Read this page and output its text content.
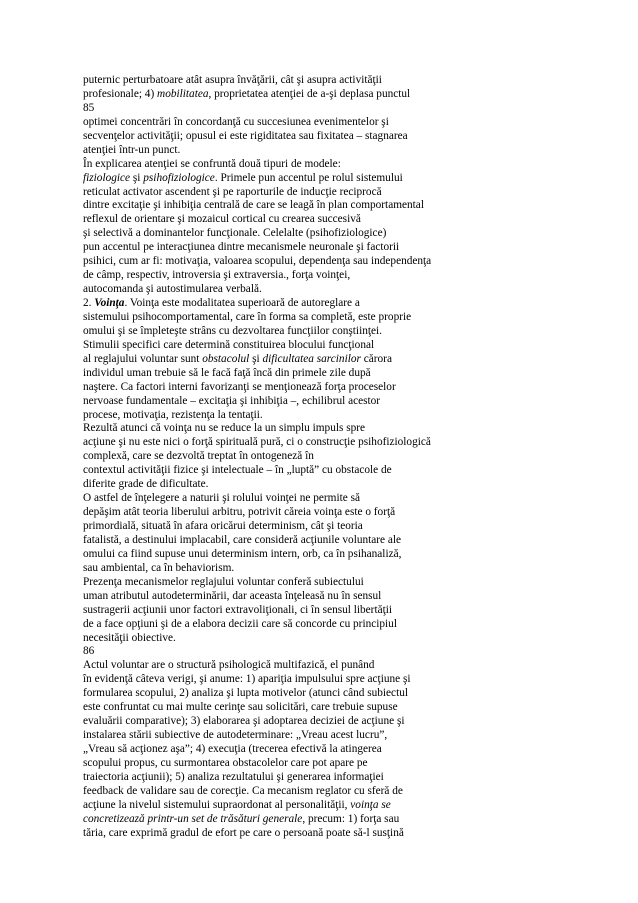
puternic perturbatoare atât asupra învăţării, cât şi asupra activităţii
profesionale; 4) mobilitatea, proprietatea atenţiei de a-şi deplasa punctul
85
optimei concentrări în concordanţă cu succesiunea evenimentelor şi
secvenţelor activităţii; opusul ei este rigiditatea sau fixitatea – stagnarea
atenţiei într-un punct.
În explicarea atenţiei se confruntă două tipuri de modele:
fiziologice şi psihofiziologice. Primele pun accentul pe rolul sistemului
reticulat activator ascendent şi pe raporturile de inducţie reciprocă
dintre excitaţie şi inhibiţia centrală de care se leagă în plan comportamental
reflexul de orientare şi mozaicul cortical cu crearea succesivă
şi selectivă a dominantelor funcţionale. Celelalte (psihofiziologice)
pun accentul pe interacţiunea dintre mecanismele neuronale şi factorii
psihici, cum ar fi: motivaţia, valoarea scopului, dependenţa sau independenţa
de câmp, respectiv, introversia şi extraversia., forţa voinţei,
autocomanda şi autostimularea verbală.
2. Voinţa. Voinţa este modalitatea superioară de autoreglare a
sistemului psihocomportamental, care în forma sa completă, este proprie
omului şi se împleteşte strâns cu dezvoltarea funcţiilor conştiinţei.
Stimulii specifici care determină constituirea blocului funcţional
al reglajului voluntar sunt obstacolul şi dificultatea sarcinilor cărora
individul uman trebuie să le facă faţă încă din primele zile după
naştere. Ca factori interni favorizanţi se menţionează forţa proceselor
nervoase fundamentale – excitaţia şi inhibiţia –, echilibrul acestor
procese, motivaţia, rezistenţa la tentaţii.
Rezultă atunci că voinţa nu se reduce la un simplu impuls spre
acţiune şi nu este nici o forţă spirituală pură, ci o construcţie psihofiziologică
complexă, care se dezvoltă treptat în ontogeneză în
contextul activităţii fizice şi intelectuale – în „luptă” cu obstacole de
diferite grade de dificultate.
O astfel de înţelegere a naturii şi rolului voinţei ne permite să
depăşim atât teoria liberului arbitru, potrivit căreia voinţa este o forţă
primordială, situată în afara oricărui determinism, cât şi teoria
fatalistă, a destinului implacabil, care consideră acţiunile voluntare ale
omului ca fiind supuse unui determinism intern, orb, ca în psihanaliză,
sau ambiental, ca în behaviorism.
Prezenţa mecanismelor reglajului voluntar conferă subiectului
uman atributul autodeterminării, dar aceasta înţeleasă nu în sensul
sustragerii acţiunii unor factori extravoliţionali, ci în sensul libertăţii
de a face opţiuni şi de a elabora decizii care să concorde cu principiul
necesităţii obiective.
86
Actul voluntar are o structură psihologică multifazică, el punând
în evidenţă câteva verigi, şi anume: 1) apariţia impulsului spre acţiune şi
formularea scopului, 2) analiza şi lupta motivelor (atunci când subiectul
este confruntat cu mai multe cerinţe sau solicitări, care trebuie supuse
evaluării comparative); 3) elaborarea şi adoptarea deciziei de acţiune şi
instalarea stării subiective de autodeterminare: „Vreau acest lucru”,
„Vreau să acţionez aşa”; 4) execuţia (trecerea efectivă la atingerea
scopului propus, cu surmontarea obstacolelor care pot apare pe
traiectoria acţiunii); 5) analiza rezultatului şi generarea informaţiei
feedback de validare sau de corecţie. Ca mecanism reglator cu sferă de
acţiune la nivelul sistemului supraordonat al personalităţii, voinţa se
concretizează printr-un set de trăsături generale, precum: 1) forţa sau
tăria, care exprimă gradul de efort pe care o persoană poate să-l susţină
